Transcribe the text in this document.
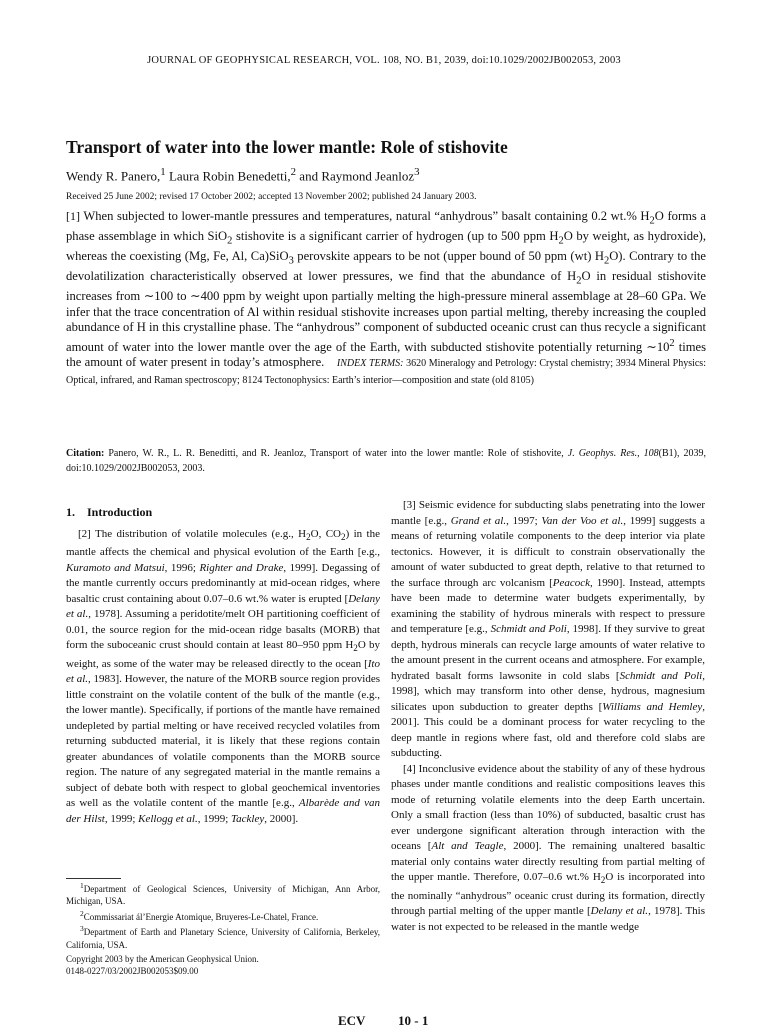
JOURNAL OF GEOPHYSICAL RESEARCH, VOL. 108, NO. B1, 2039, doi:10.1029/2002JB002053, 2003
Transport of water into the lower mantle: Role of stishovite
Wendy R. Panero,$^1$ Laura Robin Benedetti,$^2$ and Raymond Jeanloz$^3$
Received 25 June 2002; revised 17 October 2002; accepted 13 November 2002; published 24 January 2003.

[1] When subjected to lower-mantle pressures and temperatures, natural “anhydrous” basalt containing 0.2 wt.% $H_2O$ forms a phase assemblage in which SiO$_2$ stishovite is a significant carrier of hydrogen (up to 500 ppm $H_2O$ by weight, as hydroxide), whereas the coexisting (Mg, Fe, Al, Ca)SiO$_3$ perovskite appears to be not (upper bound of 50 ppm (wt) $H_2O$). Contrary to the devolatilization characteristically observed at lower pressures, we find that the abundance of $H_2O$ in residual stishovite increases from ∼100 to ∼400 ppm by weight upon partially melting the high-pressure mineral assemblage at 28–60 GPa. We infer that the trace concentration of Al within residual stishovite increases upon partial melting, thereby increasing the coupled abundance of H in this crystalline phase. The “anhydrous” component of subducted oceanic crust can thus recycle a significant amount of water into the lower mantle over the age of the Earth, with subducted stishovite potentially returning $\sim 10^2$ times the amount of water present in today’s atmosphere.  INDEX TERMS: 3620 Mineralogy and Petrology: Crystal chemistry; 3934 Mineral Physics: Optical, infrared, and Raman spectroscopy; 8124 Tectonophysics: Earth’s interior—composition and state (old 8105)

Citation: Panero, W. R., L. R. Beneditti, and R. Jeanloz, Transport of water into the lower mantle: Role of stishovite, J. Geophys. Res., 108(B1), 2039, doi:10.1029/2002JB002053, 2003.

1.  Introduction

[2] The distribution of volatile molecules (e.g., $H_2O$, $CO_2$) in the mantle affects the chemical and physical evolution of the Earth [e.g., Kuramoto and Matsui, 1996; Righter and Drake, 1999]. Degassing of the mantle currently occurs predominantly at mid-ocean ridges, where basaltic crust containing about 0.07–0.6 wt.% water is erupted [Delany et al., 1978]. Assuming a peridotite/melt OH partitioning coefficient of 0.01, the source region for the mid-ocean ridge basalts (MORB) that form the suboceanic crust should contain at least 80–950 ppm $H_2O$ by weight, as some of the water may be released directly to the ocean [Ito et al., 1983]. However, the nature of the MORB source region provides little constraint on the volatile content of the bulk of the mantle (e.g., the lower mantle). Specifically, if portions of the mantle have remained undepleted by partial melting or have received recycled volatiles from returning subducted material, it is likely that these regions contain greater abundances of volatile components than the MORB source region. The nature of any segregated material in the mantle remains a subject of debate both with respect to global geochemical inventories as well as the volatile content of the mantle [e.g., Albarède and van der Hilst, 1999; Kellogg et al., 1999; Tackley, 2000].

[3] Seismic evidence for subducting slabs penetrating into the lower mantle [e.g., Grand et al., 1997; Van der Voo et al., 1999] suggests a means of returning volatile components to the deep interior via plate tectonics. However, it is difficult to constrain observationally the amount of water subducted to great depth, relative to that returned to the surface through arc volcanism [Peacock, 1990]. Instead, attempts have been made to determine water budgets experimentally, by examining the stability of hydrous minerals with respect to pressure and temperature [e.g., Schmidt and Poli, 1998]. If they survive to great depth, hydrous minerals can recycle large amounts of water relative to the amount present in the current oceans and atmosphere. For example, hydrated basalt forms lawsonite in cold slabs [Schmidt and Poli, 1998], which may transform into other dense, hydrous, magnesium silicates upon subduction to greater depths [Williams and Hemley, 2001]. This could be a dominant process for water recycling to the deep mantle in regions where fast, old and therefore cold slabs are subducting.

[4] Inconclusive evidence about the stability of any of these hydrous phases under mantle conditions and realistic compositions leaves this mode of returning volatile elements into the deep Earth uncertain. Only a small fraction (less than 10%) of subducted, basaltic crust has ever undergone significant alteration through interaction with the oceans [Alt and Teagle, 2000]. The remaining unaltered basaltic material only contains water directly resulting from partial melting of the upper mantle. Therefore, 0.07–0.6 wt.% $H_2O$ is incorporated into the nominally “anhydrous” oceanic crust during its formation, directly through partial melting of the upper mantle [Delany et al., 1978]. This water is not expected to be released in the mantle wedge

$^1$Department of Geological Sciences, University of Michigan, Ann Arbor, Michigan, USA.

$^2$Commissariat ál’Energie Atomique, Bruyeres-Le-Chatel, France.

$^3$Department of Earth and Planetary Science, University of California, Berkeley, California, USA.

Copyright 2003 by the American Geophysical Union.

0148-0227/03/2002JB002053$09.00

ECV	10 - 1
